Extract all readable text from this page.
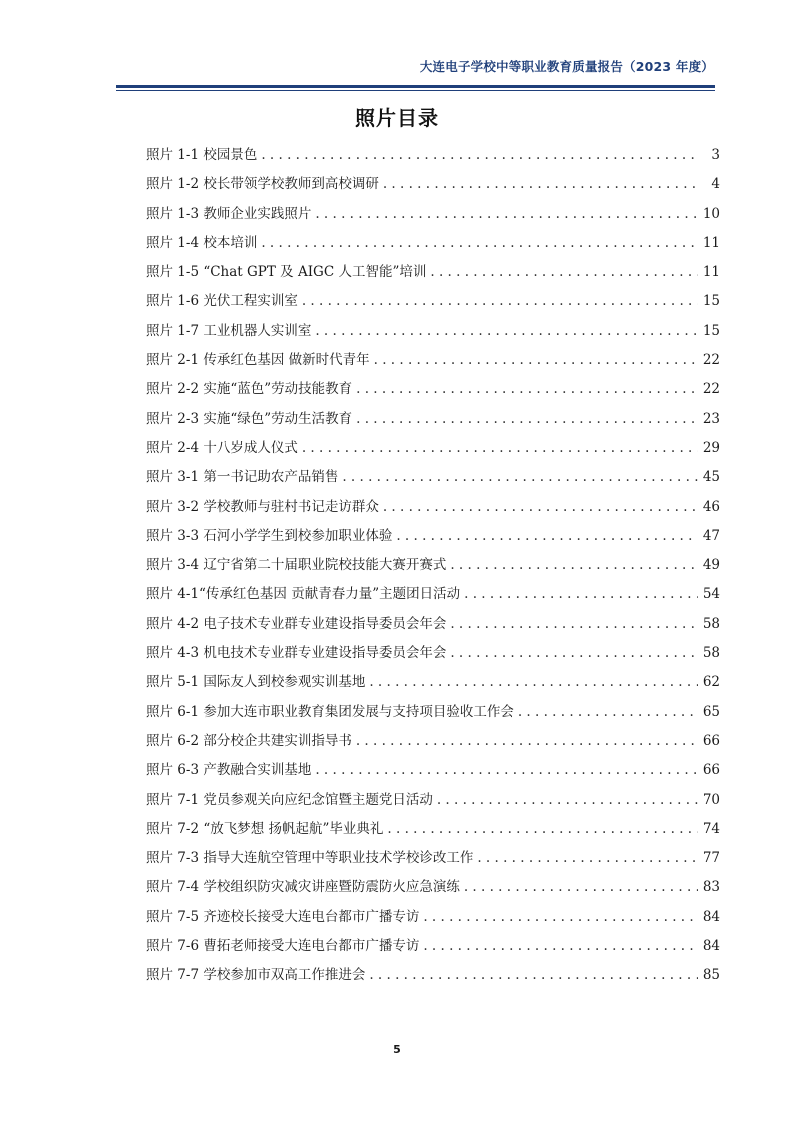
大连电子学校中等职业教育质量报告（2023 年度）
照片目录
照片 1-1 校园景色 . . .	3
照片 1-2 校长带领学校教师到高校调研 . . .	4
照片 1-3 教师企业实践照片 . . .	10
照片 1-4 校本培训 . . .	11
照片 1-5 “Chat GPT 及 AIGC 人工智能”培训 . . .	11
照片 1-6 光伏工程实训室 . . .	15
照片 1-7 工业机器人实训室 . . .	15
照片 2-1 传承红色基因 做新时代青年 . . .	22
照片 2-2 实施“蓝色”劳动技能教育 . . .	22
照片 2-3 实施“绿色”劳动生活教育 . . .	23
照片 2-4 十八岁成人仪式 . . .	29
照片 3-1 第一书记助农产品销售 . . .	45
照片 3-2 学校教师与驻村书记走访群众 . . .	46
照片 3-3 石河小学学生到校参加职业体验 . . .	47
照片 3-4 辽宁省第二十届职业院校技能大赛开赛式 . . .	49
照片 4-1“传承红色基因 贡献青春力量”主题团日活动 . . .	54
照片 4-2 电子技术专业群专业建设指导委员会年会 . . .	58
照片 4-3 机电技术专业群专业建设指导委员会年会 . . .	58
照片 5-1 国际友人到校参观实训基地 . . .	62
照片 6-1 参加大连市职业教育集团发展与支持项目验收工作会 . . .	65
照片 6-2 部分校企共建实训指导书 . . .	66
照片 6-3 产教融合实训基地 . . .	66
照片 7-1 党员参观关向应纪念馆暨主题党日活动 . . .	70
照片 7-2 “放飞梦想 扬帆起航”毕业典礼 . . .	74
照片 7-3 指导大连航空管理中等职业技术学校诊改工作 . . .	77
照片 7-4 学校组织防灾减灾讲座暨防震防火应急演练 . . .	83
照片 7-5 齐迹校长接受大连电台都市广播专访 . . .	84
照片 7-6 曹拓老师接受大连电台都市广播专访 . . .	84
照片 7-7 学校参加市双高工作推进会 . . .	85
5
